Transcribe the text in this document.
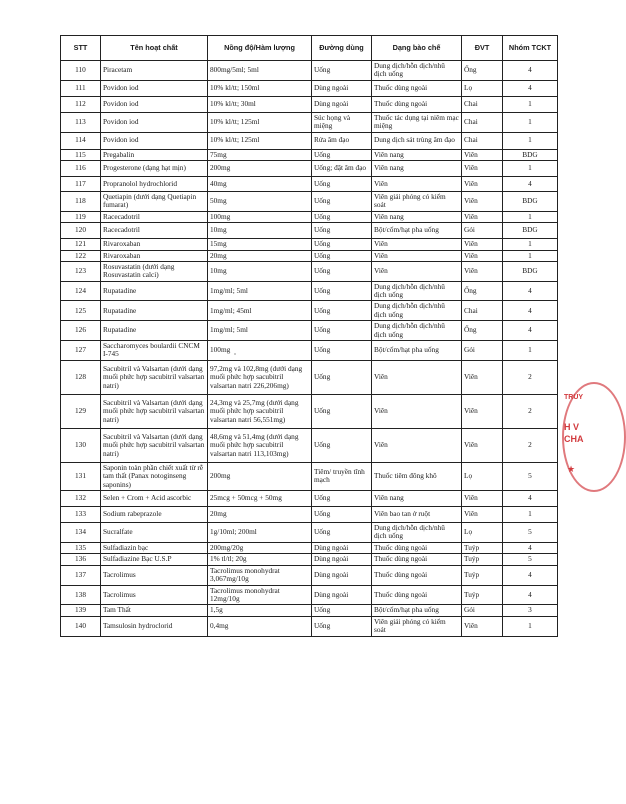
STT	Tên hoạt chất	Nồng độ/Hàm lượng	Đường dùng	Dạng bào chế	ĐVT	Nhóm TCKT
110	Piracetam	800mg/5ml; 5ml	Uống	Dung dịch/hỗn dịch/nhũ dịch uống	Ống	4
111	Povidon iod	10% kl/tt; 150ml	Dùng ngoài	Thuốc dùng ngoài	Lọ	4
112	Povidon iod	10% kl/tt; 30ml	Dùng ngoài	Thuốc dùng ngoài	Chai	1
113	Povidon iod	10% kl/tt; 125ml	Súc họng và miệng	Thuốc tác dụng tại niêm mạc miệng	Chai	1
114	Povidon iod	10% kl/tt; 125ml	Rửa âm đạo	Dung dịch sát trùng âm đạo	Chai	1
115	Pregabalin	75mg	Uống	Viên nang	Viên	BDG
116	Progesterone (dạng hạt mịn)	200mg	Uống; đặt âm đạo	Viên nang	Viên	1
117	Propranolol hydrochlorid	40mg	Uống	Viên	Viên	4
118	Quetiapin (dưới dạng Quetiapin fumarat)	50mg	Uống	Viên giải phóng có kiểm soát	Viên	BDG
119	Racecadotril	100mg	Uống	Viên nang	Viên	1
120	Racecadotril	10mg	Uống	Bột/cốm/hạt pha uống	Gói	BDG
121	Rivaroxaban	15mg	Uống	Viên	Viên	1
122	Rivaroxaban	20mg	Uống	Viên	Viên	1
123	Rosuvastatin (dưới dạng Rosuvastatin calci)	10mg	Uống	Viên	Viên	BDG
124	Rupatadine	1mg/ml; 5ml	Uống	Dung dịch/hỗn dịch/nhũ dịch uống	Ống	4
125	Rupatadine	1mg/ml; 45ml	Uống	Dung dịch/hỗn dịch/nhũ dịch uống	Chai	4
126	Rupatadine	1mg/ml; 5ml	Uống	Dung dịch/hỗn dịch/nhũ dịch uống	Ống	4
127	Saccharomyces boulardii CNCM I-745	100mg	Uống	Bột/cốm/hạt pha uống	Gói	1
128	Sacubitril và Valsartan (dưới dạng muối phức hợp sacubitril valsartan natri)	97,2mg và 102,8mg (dưới dạng muối phức hợp sacubitril valsartan natri 226,206mg)	Uống	Viên	Viên	2
129	Sacubitril và Valsartan (dưới dạng muối phức hợp sacubitril valsartan natri)	24,3mg và 25,7mg (dưới dạng muối phức hợp sacubitril valsartan natri 56,551mg)	Uống	Viên	Viên	2
130	Sacubitril và Valsartan (dưới dạng muối phức hợp sacubitril valsartan natri)	48,6mg và 51,4mg (dưới dạng muối phức hợp sacubitril valsartan natri 113,103mg)	Uống	Viên	Viên	2
131	Saponin toàn phần chiết xuất từ rễ tam thất (Panax notoginseng saponins)	200mg	Tiêm/ truyền tĩnh mạch	Thuốc tiêm đông khô	Lọ	5
132	Selen + Crom + Acid ascorbic	25mcg + 50mcg + 50mg	Uống	Viên nang	Viên	4
133	Sodium rabeprazole	20mg	Uống	Viên bao tan ở ruột	Viên	1
134	Sucralfate	1g/10ml; 200ml	Uống	Dung dịch/hỗn dịch/nhũ dịch uống	Lọ	5
135	Sulfadiazin bạc	200mg/20g	Dùng ngoài	Thuốc dùng ngoài	Tuýp	4
136	Sulfadiazine Bạc U.S.P	1% tl/tl; 20g	Dùng ngoài	Thuốc dùng ngoài	Tuýp	5
137	Tacrolimus	Tacrolimus monohydrat 3,067mg/10g	Dùng ngoài	Thuốc dùng ngoài	Tuýp	4
138	Tacrolimus	Tacrolimus monohydrat 12mg/10g	Dùng ngoài	Thuốc dùng ngoài	Tuýp	4
139	Tam Thất	1,5g	Uống	Bột/cốm/hạt pha uống	Gói	3
140	Tamsulosin hydroclorid	0,4mg	Uống	Viên giải phóng có kiểm soát	Viên	1
TRUY
H V
CHA
★
